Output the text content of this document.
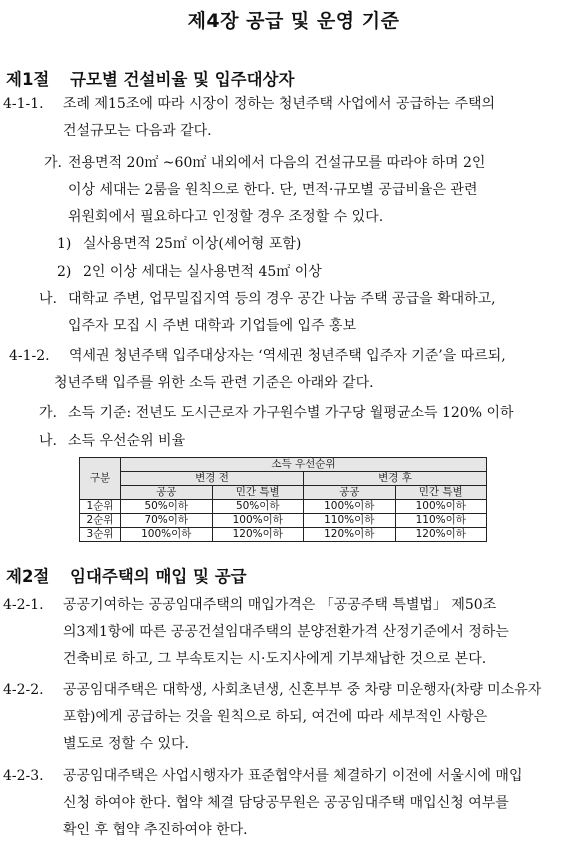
제4장 공급 및 운영 기준
제1절 규모별 건설비율 및 입주대상자
4-1-1. 조례 제15조에 따라 시장이 정하는 청년주택 사업에서 공급하는 주택의
건설규모는 다음과 같다.
가. 전용면적 20㎡ ~60㎡ 내외에서 다음의 건설규모를 따라야 하며 2인
이상 세대는 2룸을 원칙으로 한다. 단, 면적·규모별 공급비율은 관련
위원회에서 필요하다고 인정할 경우 조정할 수 있다.
1) 실사용면적 25㎡ 이상(셰어형 포함)
2) 2인 이상 세대는 실사용면적 45㎡ 이상
나. 대학교 주변, 업무밀집지역 등의 경우 공간 나눔 주택 공급을 확대하고,
입주자 모집 시 주변 대학과 기업들에 입주 홍보
4-1-2. 역세권 청년주택 입주대상자는 ‘역세권 청년주택 입주자 기준’을 따르되,
청년주택 입주를 위한 소득 관련 기준은 아래와 같다.
가. 소득 기준: 전년도 도시근로자 가구원수별 가구당 월평균소득 120% 이하
나. 소득 우선순위 비율
구분	소득 우선순위			
	변경 전		변경 후	
	공공	민간 특별	공공	민간 특별
1순위	50%이하	50%이하	100%이하	100%이하
2순위	70%이하	100%이하	110%이하	110%이하
3순위	100%이하	120%이하	120%이하	120%이하
제2절 임대주택의 매입 및 공급
4-2-1. 공공기여하는 공공임대주택의 매입가격은 「공공주택 특별법」 제50조
의3제1항에 따른 공공건설임대주택의 분양전환가격 산정기준에서 정하는
건축비로 하고, 그 부속토지는 시·도지사에게 기부채납한 것으로 본다.
4-2-2. 공공임대주택은 대학생, 사회초년생, 신혼부부 중 차량 미운행자(차량 미소유자
포함)에게 공급하는 것을 원칙으로 하되, 여건에 따라 세부적인 사항은
별도로 정할 수 있다.
4-2-3. 공공임대주택은 사업시행자가 표준협약서를 체결하기 이전에 서울시에 매입
신청 하여야 한다. 협약 체결 담당공무원은 공공임대주택 매입신청 여부를
확인 후 협약 추진하여야 한다.
